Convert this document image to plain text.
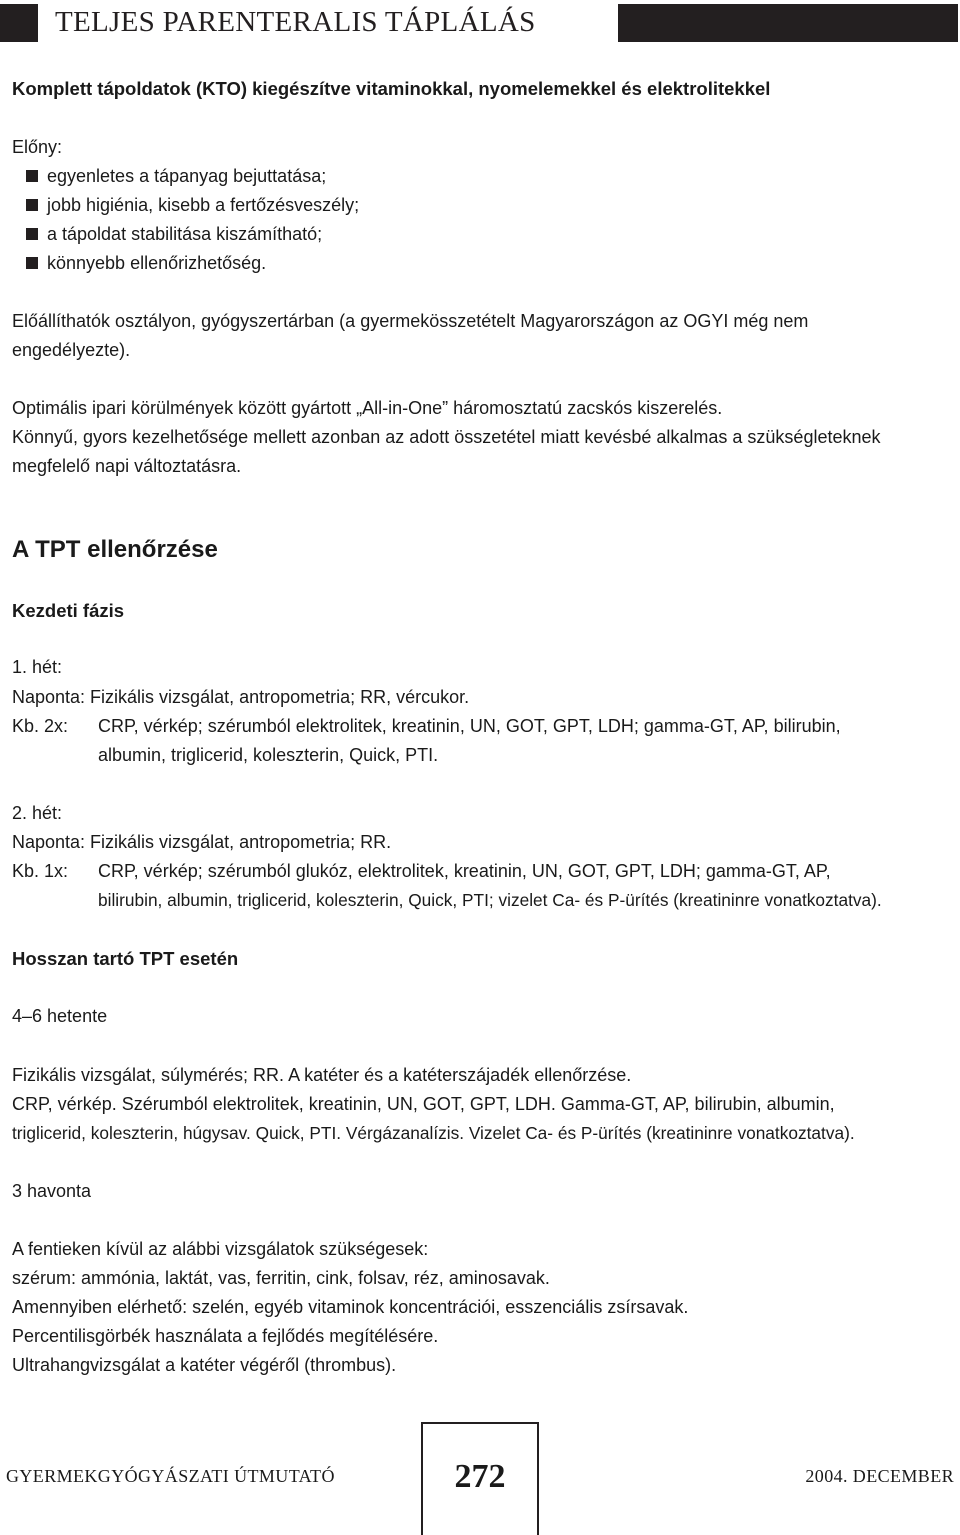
TELJES PARENTERALIS TÁPLÁLÁS
Komplett tápoldatok (KTO) kiegészítve vitaminokkal, nyomelemekkel és elektrolitekkel
Előny:
egyenletes a tápanyag bejuttatása;
jobb higiénia, kisebb a fertőzésveszély;
a tápoldat stabilitása kiszámítható;
könnyebb ellenőrizhetőség.
Előállíthatók osztályon, gyógyszertárban (a gyermekösszetételt Magyarországon az OGYI még nem
engedélyezte).
Optimális ipari körülmények között gyártott „All-in-One” háromosztatú zacskós kiszerelés.
Könnyű, gyors kezelhetősége mellett azonban az adott összetétel miatt kevésbé alkalmas a szükségleteknek
megfelelő napi változtatásra.
A TPT ellenőrzése
Kezdeti fázis
1. hét:
Naponta: Fizikális vizsgálat, antropometria; RR, vércukor.
Kb. 2x: CRP, vérkép; szérumból elektrolitek, kreatinin, UN, GOT, GPT, LDH; gamma-GT, AP, bilirubin,
albumin, triglicerid, koleszterin, Quick, PTI.
2. hét:
Naponta: Fizikális vizsgálat, antropometria; RR.
Kb. 1x: CRP, vérkép; szérumból glukóz, elektrolitek, kreatinin, UN, GOT, GPT, LDH; gamma-GT, AP,
bilirubin, albumin, triglicerid, koleszterin, Quick, PTI; vizelet Ca- és P-ürítés (kreatininre vonatkoztatva).
Hosszan tartó TPT esetén
4–6 hetente
Fizikális vizsgálat, súlymérés; RR. A katéter és a katéterszájadék ellenőrzése.
CRP, vérkép. Szérumból elektrolitek, kreatinin, UN, GOT, GPT, LDH. Gamma-GT, AP, bilirubin, albumin,
triglicerid, koleszterin, húgysav. Quick, PTI. Vérgázanalízis. Vizelet Ca- és P-ürítés (kreatininre vonatkoztatva).
3 havonta
A fentieken kívül az alábbi vizsgálatok szükségesek:
szérum: ammónia, laktát, vas, ferritin, cink, folsav, réz, aminosavak.
Amennyiben elérhető: szelén, egyéb vitaminok koncentrációi, esszenciális zsírsavak.
Percentilisgörbék használata a fejlődés megítélésére.
Ultrahangvizsgálat a katéter végéről (thrombus).
GYERMEKGYÓGYÁSZATI ÚTMUTATÓ	272	2004. DECEMBER
